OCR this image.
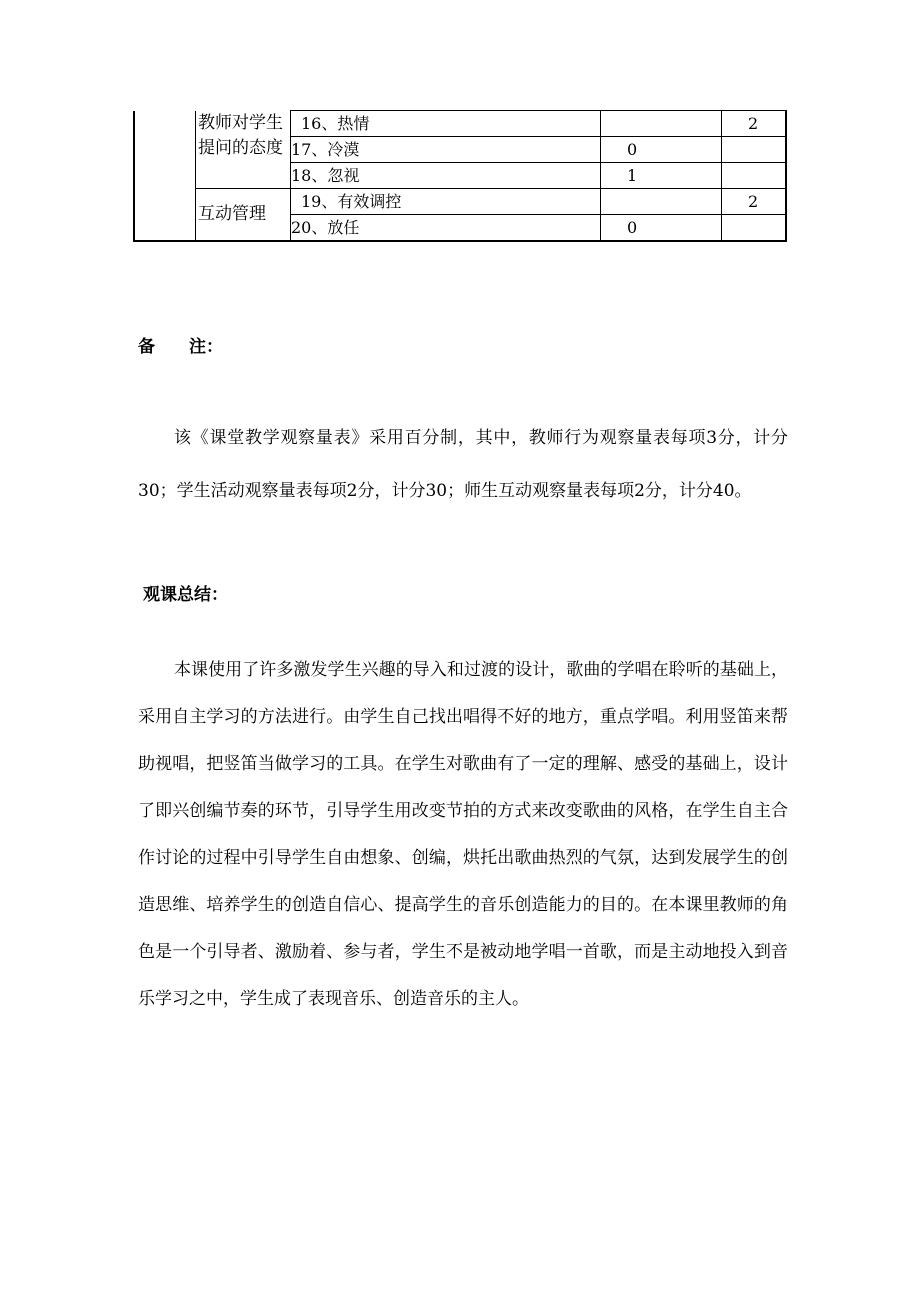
	教师对学生提问的态度	16、热情		2
		17、冷漠	0	
		18、忽视	1	
	互动管理	19、有效调控		2
		20、放任	0	
备 注：

该《课堂教学观察量表》采用百分制，其中，教师行为观察量表每项3分，计分30；学生活动观察量表每项2分，计分30；师生互动观察量表每项2分，计分40。

观课总结：

本课使用了许多激发学生兴趣的导入和过渡的设计，歌曲的学唱在聆听的基础上，采用自主学习的方法进行。由学生自己找出唱得不好的地方，重点学唱。利用竖笛来帮助视唱，把竖笛当做学习的工具。在学生对歌曲有了一定的理解、感受的基础上，设计了即兴创编节奏的环节，引导学生用改变节拍的方式来改变歌曲的风格，在学生自主合作讨论的过程中引导学生自由想象、创编，烘托出歌曲热烈的气氛，达到发展学生的创造思维、培养学生的创造自信心、提高学生的音乐创造能力的目的。在本课里教师的角色是一个引导者、激励着、参与者，学生不是被动地学唱一首歌，而是主动地投入到音乐学习之中，学生成了表现音乐、创造音乐的主人。
